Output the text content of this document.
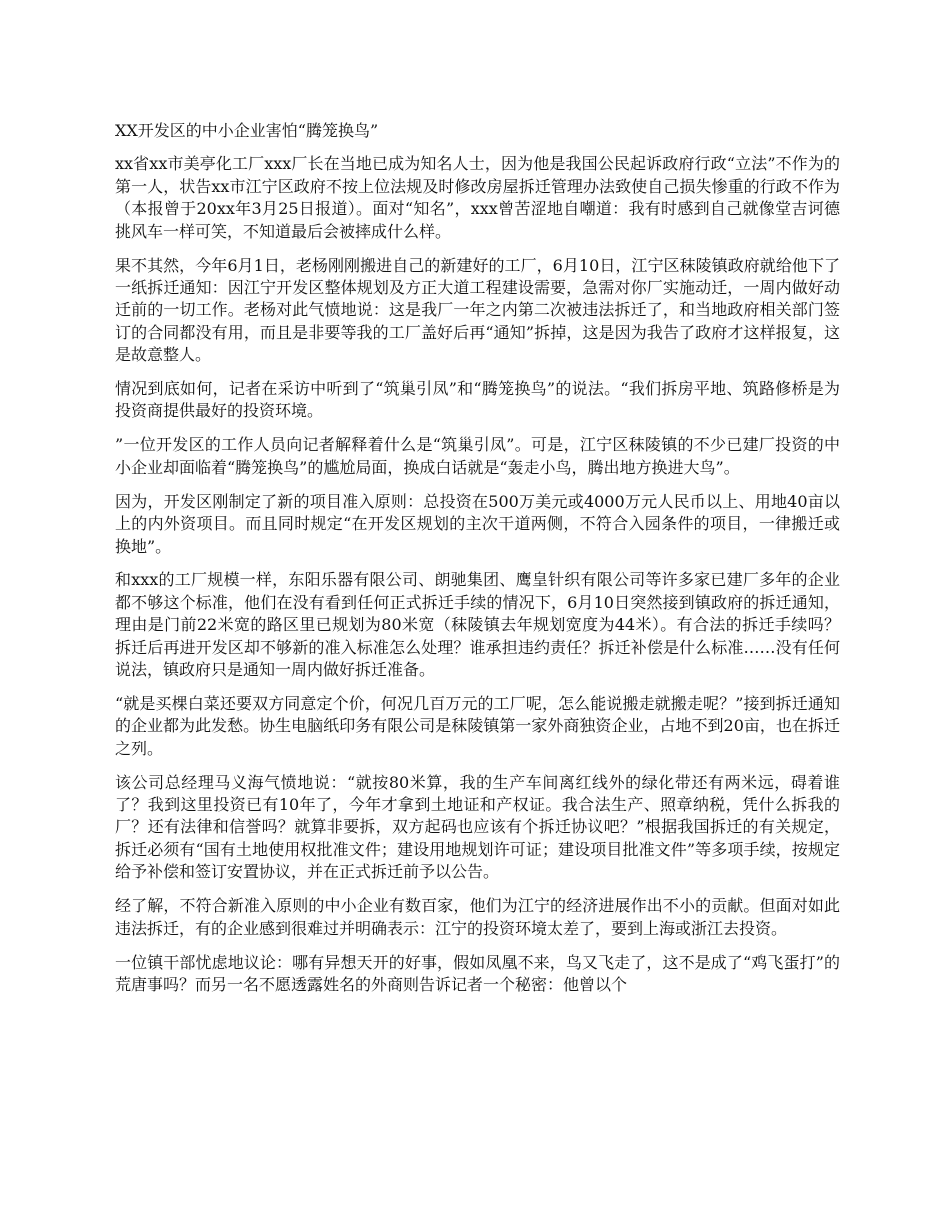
XX开发区的中小企业害怕“腾笼换鸟”

xx省xx市美亭化工厂xxx厂长在当地已成为知名人士，因为他是我国公民起诉政府行政“立法”不作为的第一人，状告xx市江宁区政府不按上位法规及时修改房屋拆迁管理办法致使自己损失惨重的行政不作为（本报曾于20xx年3月25日报道）。面对“知名”，xxx曾苦涩地自嘲道：我有时感到自己就像堂吉诃德挑风车一样可笑，不知道最后会被摔成什么样。

果不其然，今年6月1日，老杨刚刚搬进自己的新建好的工厂，6月10日，江宁区秣陵镇政府就给他下了一纸拆迁通知：因江宁开发区整体规划及方正大道工程建设需要，急需对你厂实施动迁，一周内做好动迁前的一切工作。老杨对此气愤地说：这是我厂一年之内第二次被违法拆迁了，和当地政府相关部门签订的合同都没有用，而且是非要等我的工厂盖好后再“通知”拆掉，这是因为我告了政府才这样报复，这是故意整人。

情况到底如何，记者在采访中听到了“筑巢引凤”和“腾笼换鸟”的说法。“我们拆房平地、筑路修桥是为投资商提供最好的投资环境。

”一位开发区的工作人员向记者解释着什么是“筑巢引凤”。可是，江宁区秣陵镇的不少已建厂投资的中小企业却面临着“腾笼换鸟”的尴尬局面，换成白话就是“轰走小鸟，腾出地方换进大鸟”。

因为，开发区刚制定了新的项目准入原则：总投资在500万美元或4000万元人民币以上、用地40亩以上的内外资项目。而且同时规定“在开发区规划的主次干道两侧，不符合入园条件的项目，一律搬迁或换地”。

和xxx的工厂规模一样，东阳乐器有限公司、朗驰集团、鹰皇针织有限公司等许多家已建厂多年的企业都不够这个标准，他们在没有看到任何正式拆迁手续的情况下，6月10日突然接到镇政府的拆迁通知，理由是门前22米宽的路区里已规划为80米宽（秣陵镇去年规划宽度为44米）。有合法的拆迁手续吗？拆迁后再进开发区却不够新的准入标准怎么处理？谁承担违约责任？拆迁补偿是什么标准……没有任何说法，镇政府只是通知一周内做好拆迁准备。

“就是买棵白菜还要双方同意定个价，何况几百万元的工厂呢，怎么能说搬走就搬走呢？”接到拆迁通知的企业都为此发愁。协生电脑纸印务有限公司是秣陵镇第一家外商独资企业，占地不到20亩，也在拆迁之列。

该公司总经理马义海气愤地说：“就按80米算，我的生产车间离红线外的绿化带还有两米远，碍着谁了？我到这里投资已有10年了，今年才拿到土地证和产权证。我合法生产、照章纳税，凭什么拆我的厂？还有法律和信誉吗？就算非要拆，双方起码也应该有个拆迁协议吧？”根据我国拆迁的有关规定，拆迁必须有“国有土地使用权批准文件；建设用地规划许可证；建设项目批准文件”等多项手续，按规定给予补偿和签订安置协议，并在正式拆迁前予以公告。

经了解，不符合新准入原则的中小企业有数百家，他们为江宁的经济进展作出不小的贡献。但面对如此违法拆迁，有的企业感到很难过并明确表示：江宁的投资环境太差了，要到上海或浙江去投资。

一位镇干部忧虑地议论：哪有异想天开的好事，假如凤凰不来，鸟又飞走了，这不是成了“鸡飞蛋打”的荒唐事吗？而另一名不愿透露姓名的外商则告诉记者一个秘密：他曾以个
